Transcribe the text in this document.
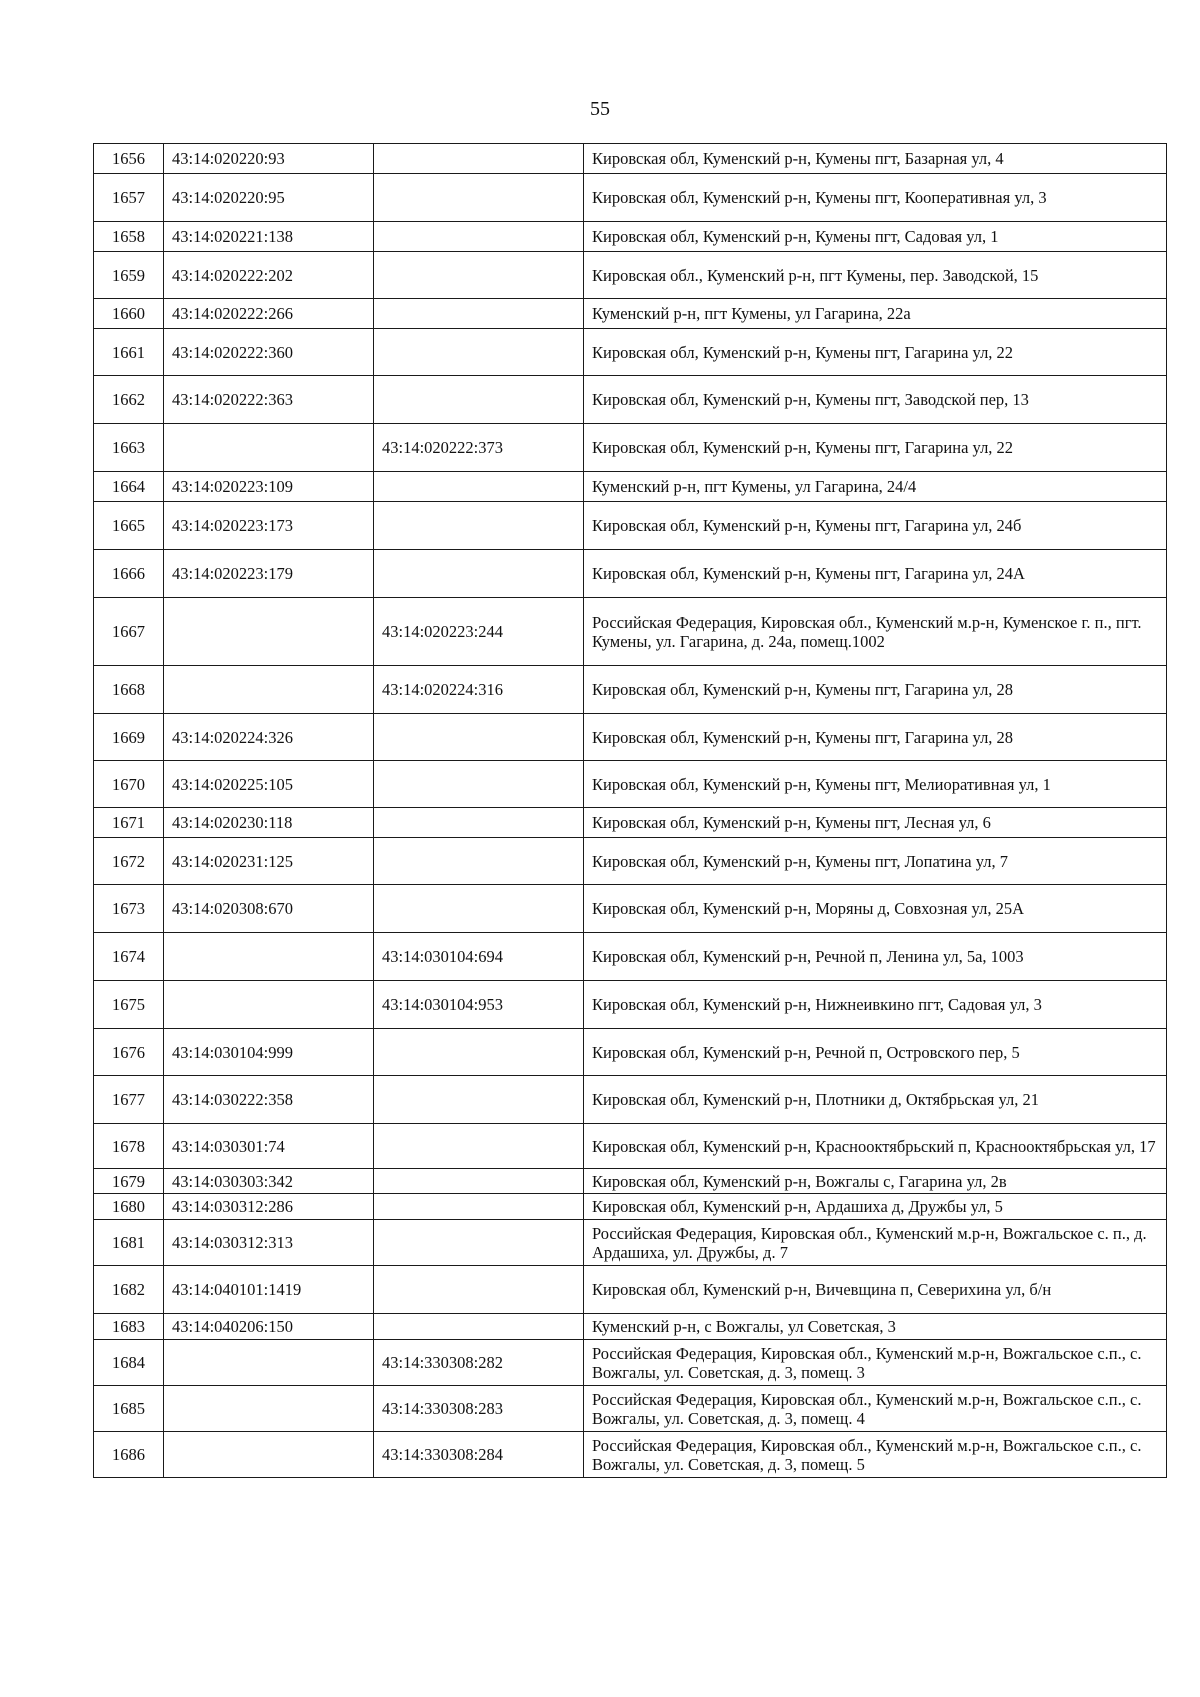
55
1656	43:14:020220:93		Кировская обл, Куменский р-н, Кумены пгт, Базарная ул, 4
1657	43:14:020220:95		Кировская обл, Куменский р-н, Кумены пгт, Кооперативная ул, 3
1658	43:14:020221:138		Кировская обл, Куменский р-н, Кумены пгт, Садовая ул, 1
1659	43:14:020222:202		Кировская обл., Куменский р-н, пгт Кумены, пер. Заводской, 15
1660	43:14:020222:266		Куменский р-н, пгт Кумены, ул Гагарина, 22а
1661	43:14:020222:360		Кировская обл, Куменский р-н, Кумены пгт, Гагарина ул, 22
1662	43:14:020222:363		Кировская обл, Куменский р-н, Кумены пгт, Заводской пер, 13
1663		43:14:020222:373	Кировская обл, Куменский р-н, Кумены пгт, Гагарина ул, 22
1664	43:14:020223:109		Куменский р-н, пгт Кумены, ул Гагарина, 24/4
1665	43:14:020223:173		Кировская обл, Куменский р-н, Кумены пгт, Гагарина ул, 24б
1666	43:14:020223:179		Кировская обл, Куменский р-н, Кумены пгт, Гагарина ул, 24А
1667		43:14:020223:244	Российская Федерация, Кировская обл., Куменский м.р-н, Куменское г. п., пгт. Кумены, ул. Гагарина, д. 24а, помещ.1002
1668		43:14:020224:316	Кировская обл, Куменский р-н, Кумены пгт, Гагарина ул, 28
1669	43:14:020224:326		Кировская обл, Куменский р-н, Кумены пгт, Гагарина ул, 28
1670	43:14:020225:105		Кировская обл, Куменский р-н, Кумены пгт, Мелиоративная ул, 1
1671	43:14:020230:118		Кировская обл, Куменский р-н, Кумены пгт, Лесная ул, 6
1672	43:14:020231:125		Кировская обл, Куменский р-н, Кумены пгт, Лопатина ул, 7
1673	43:14:020308:670		Кировская обл, Куменский р-н, Моряны д, Совхозная ул, 25А
1674		43:14:030104:694	Кировская обл, Куменский р-н, Речной п, Ленина ул, 5а, 1003
1675		43:14:030104:953	Кировская обл, Куменский р-н, Нижнеивкино пгт, Садовая ул, 3
1676	43:14:030104:999		Кировская обл, Куменский р-н, Речной п, Островского пер, 5
1677	43:14:030222:358		Кировская обл, Куменский р-н, Плотники д, Октябрьская ул, 21
1678	43:14:030301:74		Кировская обл, Куменский р-н, Краснооктябрьский п, Краснооктябрьская ул, 17
1679	43:14:030303:342		Кировская обл, Куменский р-н, Вожгалы с, Гагарина ул, 2в
1680	43:14:030312:286		Кировская обл, Куменский р-н, Ардашиха д, Дружбы ул, 5
1681	43:14:030312:313		Российская Федерация, Кировская обл., Куменский м.р-н, Вожгальское с. п., д. Ардашиха, ул. Дружбы, д. 7
1682	43:14:040101:1419		Кировская обл, Куменский р-н, Вичевщина п, Северихина ул, б/н
1683	43:14:040206:150		Куменский р-н, с Вожгалы, ул Советская, 3
1684		43:14:330308:282	Российская Федерация, Кировская обл., Куменский м.р-н, Вожгальское с.п., с. Вожгалы, ул. Советская, д. 3, помещ. 3
1685		43:14:330308:283	Российская Федерация, Кировская обл., Куменский м.р-н, Вожгальское с.п., с. Вожгалы, ул. Советская, д. 3, помещ. 4
1686		43:14:330308:284	Российская Федерация, Кировская обл., Куменский м.р-н, Вожгальское с.п., с. Вожгалы, ул. Советская, д. 3, помещ. 5
